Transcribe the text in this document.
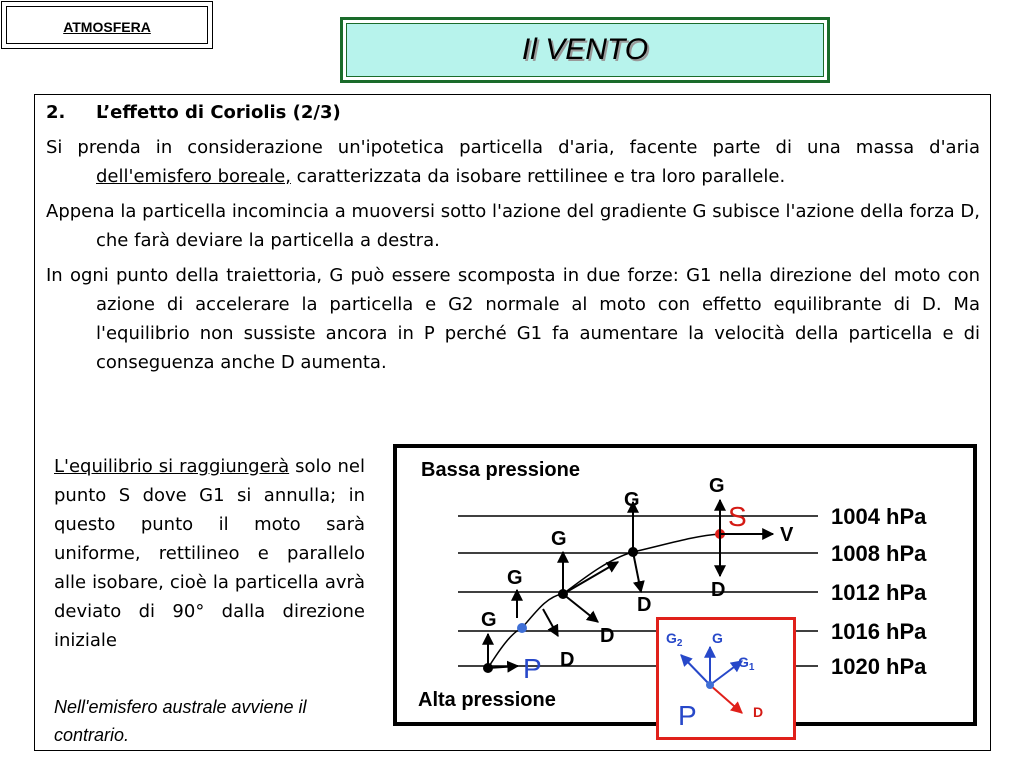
ATMOSFERA
Il VENTO

2. L’effetto di Coriolis (2/3)

Si prenda in considerazione un'ipotetica particella d'aria, facente parte di una massa d'aria dell'emisfero boreale, caratterizzata da isobare rettilinee e tra loro parallele.

Appena la particella incomincia a muoversi sotto l'azione del gradiente G subisce l'azione della forza D, che farà deviare la particella a destra.

In ogni punto della traiettoria, G può essere scomposta in due forze: G1 nella direzione del moto con azione di accelerare la particella e G2 normale al moto con effetto equilibrante di D. Ma l'equilibrio non sussiste ancora in P perché G1 fa aumentare la velocità della particella e di conseguenza anche D aumenta.

L'equilibrio si raggiungerà solo nel punto S dove G1 si annulla; in questo punto il moto sarà uniforme, rettilineo e parallelo alle isobare, cioè la particella avrà deviato di 90° dalla direzione iniziale
Nell'emisfero australe avviene il contrario.
Bassa pressione
Alta pressione
1004 hPa
1008 hPa
1012 hPa
1016 hPa
1020 hPa
G
G
G
G
G
D
D
D
D
V
S
P
$G_2$ G
$G_1$
P	D
